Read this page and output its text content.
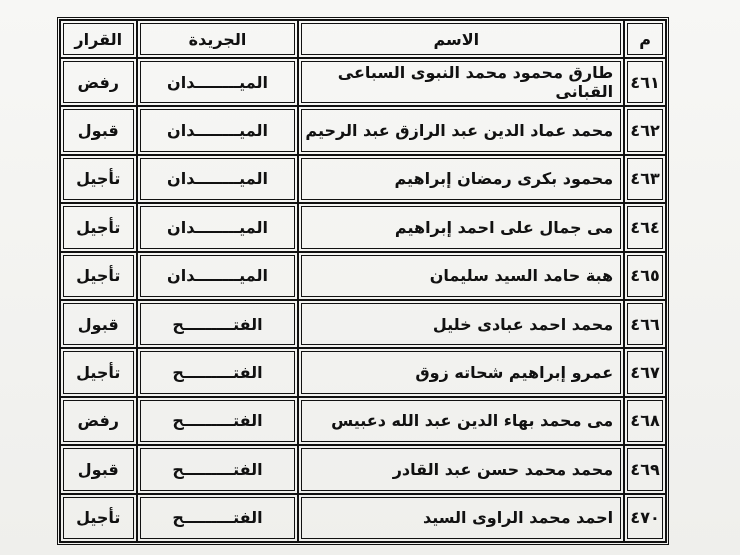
القرار	الجريدة	الاسم	م
رفض	الميــــــــدان	طارق محمود محمد النبوى السباعى القبانى	٤٦١
قبول	الميــــــــدان	محمد عماد الدين عبد الرازق عبد الرحيم	٤٦٢
تأجيل	الميــــــــدان	محمود بكرى رمضان إبراهيم	٤٦٣
تأجيل	الميــــــــدان	مى جمال على احمد إبراهيم	٤٦٤
تأجيل	الميــــــــدان	هبة حامد السيد سليمان	٤٦٥
قبول	الفتـــــــــح	محمد احمد عبادى خليل	٤٦٦
تأجيل	الفتـــــــــح	عمرو إبراهيم شحاته زوق	٤٦٧
رفض	الفتـــــــــح	مى محمد بهاء الدين عبد الله دعبيس	٤٦٨
قبول	الفتـــــــــح	محمد محمد حسن عبد القادر	٤٦٩
تأجيل	الفتـــــــــح	احمد محمد الراوى السيد	٤٧٠
